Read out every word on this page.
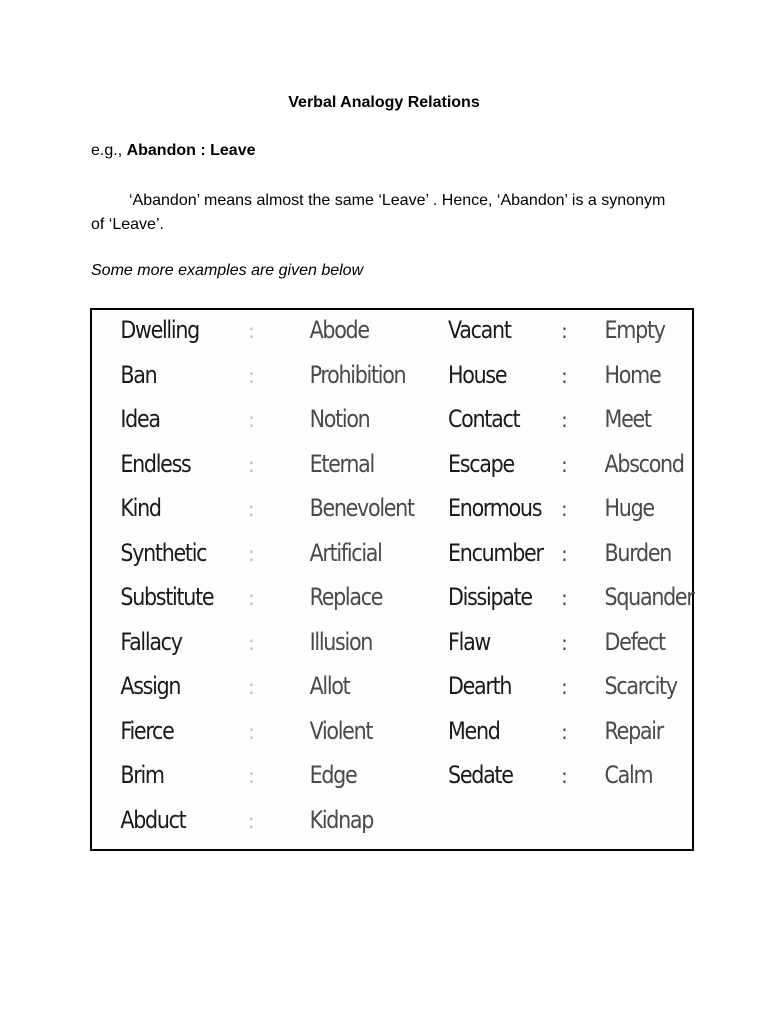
Verbal Analogy Relations
e.g., Abandon : Leave
‘Abandon’ means almost the same ‘Leave’ . Hence, ‘Abandon’ is a synonym of ‘Leave’.
Some more examples are given below
Dwelling : Abode	Vacant	: Empty
Ban	: Prohibition House	: Home
Idea	: Notion	Contact : Meet
Endless	: Eternal	Escape : Abscond
Kind	: Benevolent Enormous : Huge
Synthetic : Artificial	Encumber : Burden
Substitute : Replace	Dissipate : Squander
Fallacy	: Illusion	Flaw	: Defect
Assign	: Allot	Dearth	: Scarcity
Fierce	: Violent	Mend	: Repair
Brim	: Edge	Sedate : Calm
Abduct	: Kidnap
